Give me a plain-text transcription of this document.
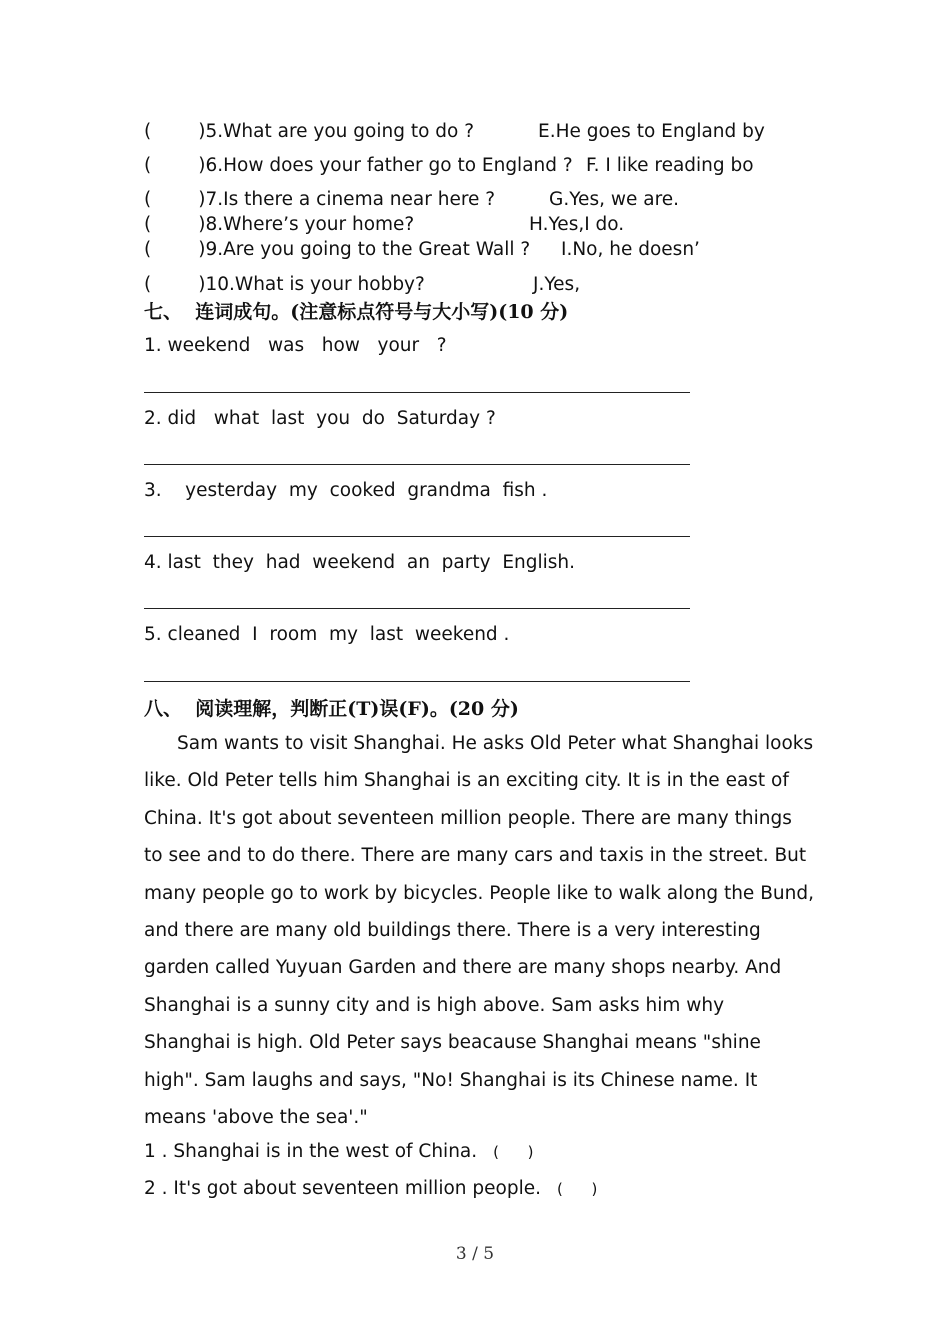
(        )5.What are you going to do ?	E.He goes to England by
(        )6.How does your father go to England ? F. I like reading bo
(        )7.Is there a cinema near here ?	G.Yes, we are.
(        )8.Where’s your home?	H.Yes,I do.
(        )9.Are you going to the Great Wall ? I.No, he doesn’
(        )10.What is your hobby?	J.Yes,
七、  连词成句。(注意标点符号与大小写)(10 分)
1. weekend   was   how   your   ?
2. did   what  last  you  do  Saturday ?
3.    yesterday  my  cooked  grandma  fish .
4. last  they  had  weekend  an  party  English.
5. cleaned  I  room  my  last  weekend .
八、  阅读理解，判断正(T)误(F)。(20 分)

Sam wants to visit Shanghai. He asks Old Peter what Shanghai looks like. Old Peter tells him Shanghai is an exciting city. It is in the east of China. It's got about seventeen million people. There are many things to see and to do there. There are many cars and taxis in the street. But many people go to work by bicycles. People like to walk along the Bund, and there are many old buildings there. There is a very interesting garden called Yuyuan Garden and there are many shops nearby. And Shanghai is a sunny city and is high above. Sam asks him why Shanghai is high. Old Peter says beacause Shanghai means "shine high". Sam laughs and says, "No! Shanghai is its Chinese name. It means 'above the sea'."

1 . Shanghai is in the west of China. (      )
2 . It's got about seventeen million people. (      )
3 / 5
